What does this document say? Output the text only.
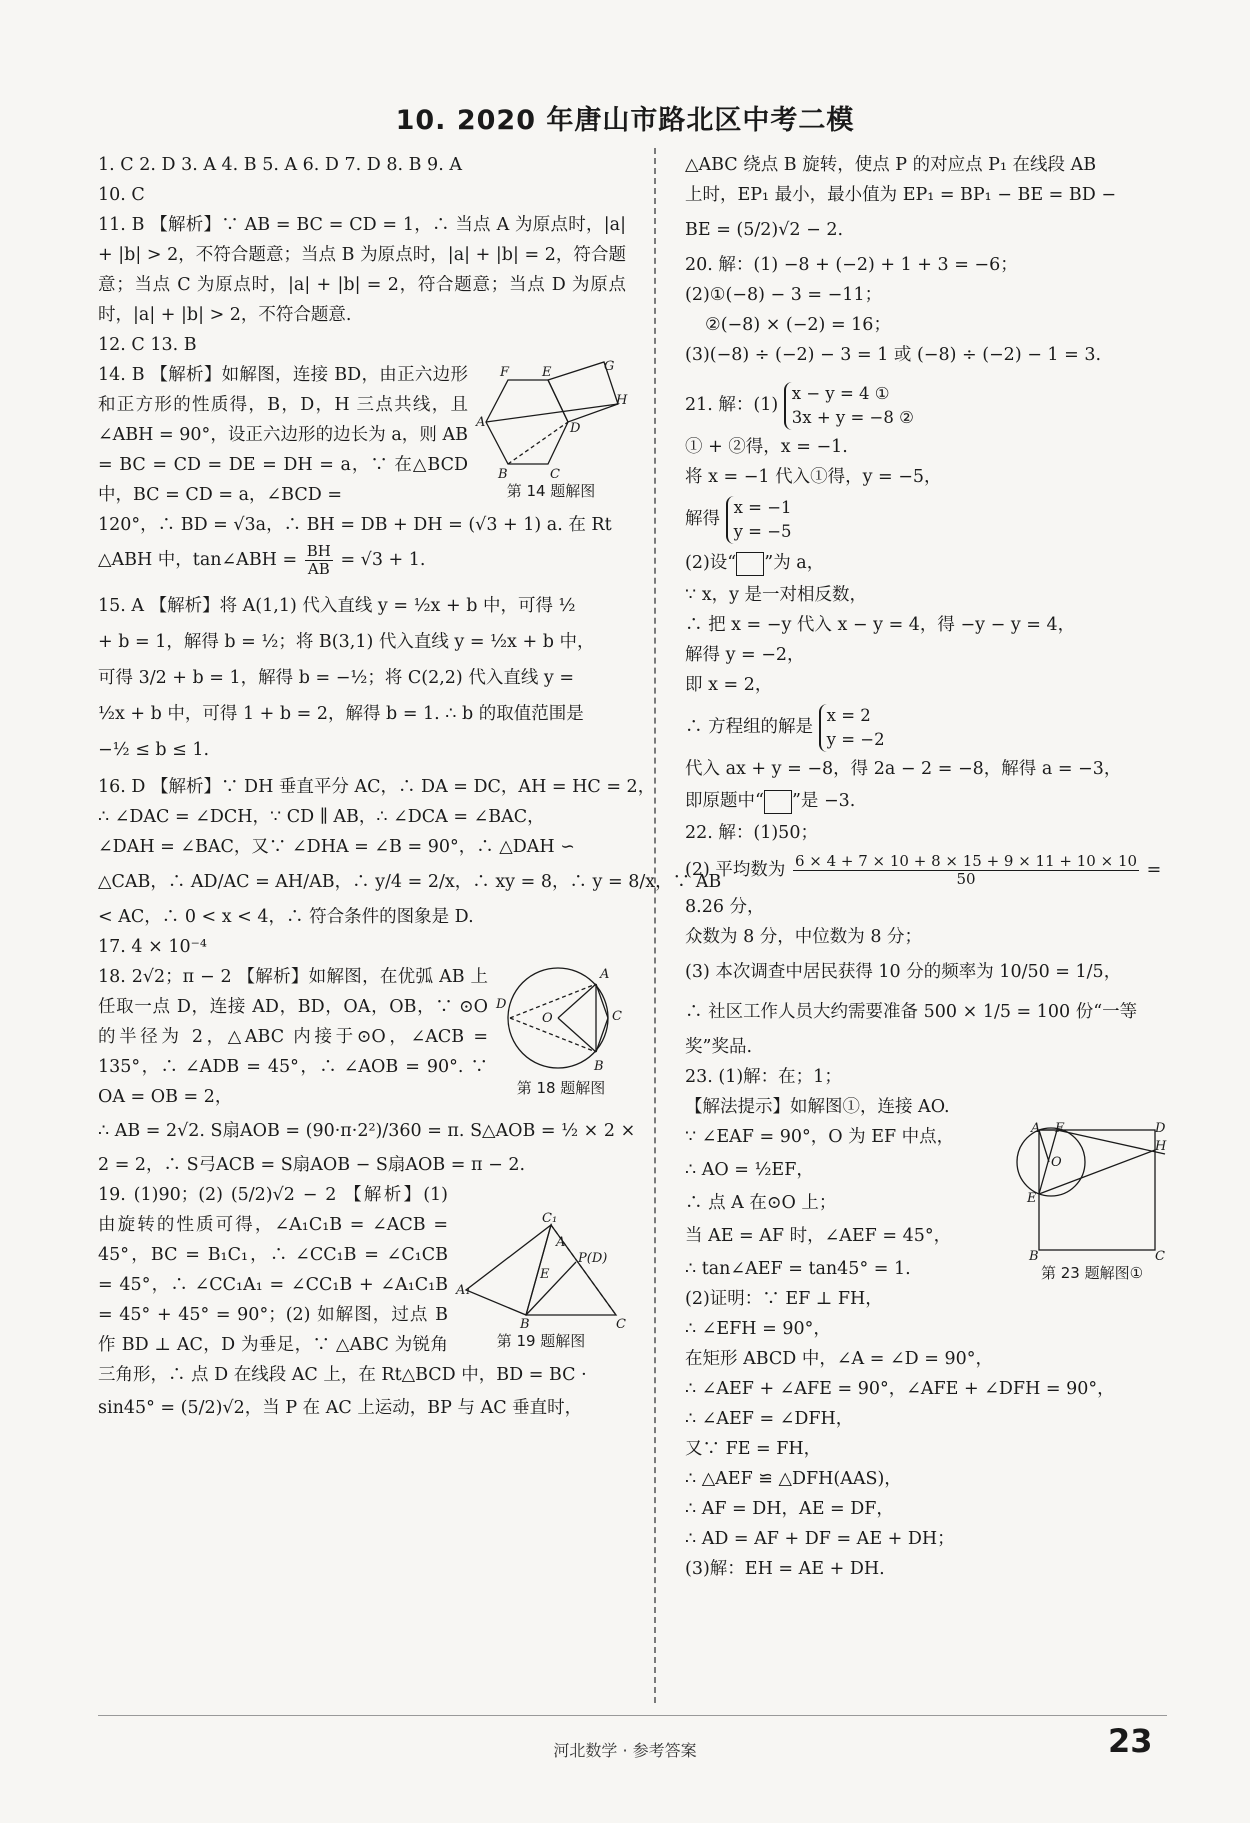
10. 2020 年唐山市路北区中考二模
1. C 2. D 3. A 4. B 5. A 6. D 7. D 8. B 9. A
10. C

11. B 【解析】∵ AB = BC = CD = 1，∴ 当点 A 为原点时，|a| + |b| > 2，不符合题意；当点 B 为原点时，|a| + |b| = 2，符合题意；当点 C 为原点时，|a| + |b| = 2，符合题意；当点 D 为原点时，|a| + |b| > 2，不符合题意.

12. C 13. B
A
F	E	G
H
D
B	C
第 14 题解图

14. B 【解析】如解图，连接 BD，由正六边形和正方形的性质得，B，D，H 三点共线，且∠ABH = 90°，设正六边形的边长为 a，则 AB = BC = CD = DE = DH = a，∵ 在△BCD 中，BC = CD = a，∠BCD =

120°，∴ BD = √3a，∴ BH = DB + DH = (√3 + 1) a. 在 Rt
△ABH 中，tan∠ABH = $\frac{BH}{AB} = √3 + 1$.
15. A 【解析】将 A(1,1) 代入直线 y = ½x + b 中，可得 ½
+ b = 1，解得 b = ½；将 B(3,1) 代入直线 y = ½x + b 中，
可得 3/2 + b = 1，解得 b = −½；将 C(2,2) 代入直线 y =
½x + b 中，可得 1 + b = 2，解得 b = 1. ∴ b 的取值范围是
−½ ≤ b ≤ 1.
16. D 【解析】∵ DH 垂直平分 AC，∴ DA = DC，AH = HC = 2，
∴ ∠DAC = ∠DCH，∵ CD ∥ AB，∴ ∠DCA = ∠BAC，
∠DAH = ∠BAC，又∵ ∠DHA = ∠B = 90°，∴ △DAH ∽
△CAB，∴ AD/AC = AH/AB，∴ y/4 = 2/x，∴ xy = 8，∴ y = 8/x，∵ AB
< AC，∴ 0 < x < 4，∴ 符合条件的图象是 D.
17. 4 × 10⁻⁴
A
C
B
D
O
第 18 题解图

18. 2√2；π − 2 【解析】如解图，在优弧 AB 上任取一点 D，连接 AD，BD，OA，OB，∵ ⊙O 的半径为 2，△ABC 内接于⊙O，∠ACB = 135°，∴ ∠ADB = 45°，∴ ∠AOB = 90°. ∵ OA = OB = 2，

∴ AB = 2√2. S扇AOB = (90·π·2²)/360 = π. S△AOB = ½ × 2 ×
2 = 2，∴ S弓ACB = S扇AOB − S扇AOB = π − 2.
C₁
A
P(D)
E
A₁
B	C
第 19 题解图

19. (1)90；(2) (5/2)√2 − 2 【解析】(1) 由旋转的性质可得，∠A₁C₁B = ∠ACB = 45°，BC = B₁C₁，∴ ∠CC₁B = ∠C₁CB = 45°，∴ ∠CC₁A₁ = ∠CC₁B + ∠A₁C₁B = 45° + 45° = 90°；(2) 如解图，过点 B 作 BD ⊥ AC，D 为垂足，∵ △ABC 为锐角三角形，∴ 点 D 在线段 AC 上，在 Rt△BCD 中，BD = BC ·

sin45° = (5/2)√2，当 P 在 AC 上运动，BP 与 AC 垂直时，
△ABC 绕点 B 旋转，使点 P 的对应点 P₁ 在线段 AB
上时，EP₁ 最小，最小值为 EP₁ = BP₁ − BE = BD −
BE = (5/2)√2 − 2.
20. 解：(1) −8 + (−2) + 1 + 3 = −6；
(2)①(−8) − 3 = −11；
②(−8) × (−2) = 16；
(3)(−8) ÷ (−2) − 3 = 1 或 (−8) ÷ (−2) − 1 = 3.
21. 解：(1)
x − y = 4 ①
3x + y = −8 ②
① + ②得，x = −1.
将 x = −1 代入①得，y = −5，
解得
x = −1
y = −5
(2)设“ ”为 a，
∵ x，y 是一对相反数，
∴ 把 x = −y 代入 x − y = 4，得 −y − y = 4，
解得 y = −2，
即 x = 2，
∴ 方程组的解是
x = 2
y = −2
代入 ax + y = −8，得 2a − 2 = −8，解得 a = −3，
即原题中“ ”是 −3.
22. 解：(1)50；
(2) 平均数为 $\frac{6 \times 4 + 7 \times 10 + 8 \times 15 + 9 \times 11 + 10 \times 10}{50}$ =
8.26 分，
众数为 8 分，中位数为 8 分；
(3) 本次调查中居民获得 10 分的频率为 10/50 = 1/5，
∴ 社区工作人员大约需要准备 500 × 1/5 = 100 份“一等
奖”奖品.
23. (1)解：在；1；
【解法提示】如解图①，连接 AO.
A F	D
H
O
E
B	C
第 23 题解图①
∵ ∠EAF = 90°，O 为 EF 中点，
∴ AO = ½EF，
∴ 点 A 在⊙O 上；
当 AE = AF 时，∠AEF = 45°，
∴ tan∠AEF = tan45° = 1.
(2)证明：∵ EF ⊥ FH，
∴ ∠EFH = 90°，
在矩形 ABCD 中，∠A = ∠D = 90°，
∴ ∠AEF + ∠AFE = 90°，∠AFE + ∠DFH = 90°，
∴ ∠AEF = ∠DFH，
又∵ FE = FH，
∴ △AEF ≌ △DFH(AAS)，
∴ AF = DH，AE = DF，
∴ AD = AF + DF = AE + DH；
(3)解：EH = AE + DH.
河北数学 · 参考答案	23
